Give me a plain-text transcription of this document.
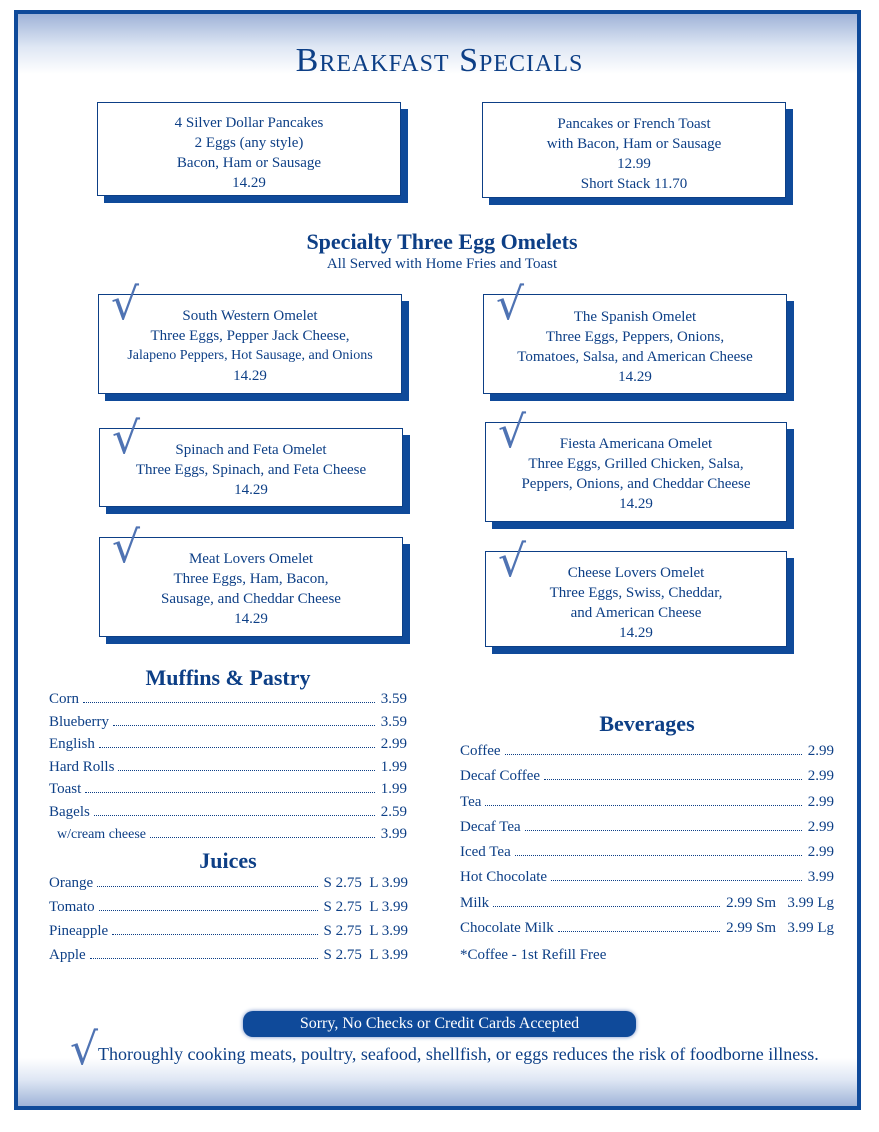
Breakfast Specials
4 Silver Dollar Pancakes
2 Eggs (any style)
Bacon, Ham or Sausage
14.29
Pancakes or French Toast
with Bacon, Ham or Sausage
12.99
Short Stack 11.70
Specialty Three Egg Omelets
All Served with Home Fries and Toast
√	South Western Omelet
Three Eggs, Pepper Jack Cheese,
Jalapeno Peppers, Hot Sausage, and Onions
14.29
√	The Spanish Omelet
Three Eggs, Peppers, Onions,
Tomatoes, Salsa, and American Cheese
14.29
√	Spinach and Feta Omelet
Three Eggs, Spinach, and Feta Cheese
14.29
√	Fiesta Americana Omelet
Three Eggs, Grilled Chicken, Salsa,
Peppers, Onions, and Cheddar Cheese
14.29
√	Meat Lovers Omelet
Three Eggs, Ham, Bacon,
Sausage, and Cheddar Cheese
14.29
√	Cheese Lovers Omelet
Three Eggs, Swiss, Cheddar,
and American Cheese
14.29
Muffins & Pastry
Corn	3.59
Blueberry	3.59
English	2.99
Hard Rolls	1.99
Toast	1.99
Bagels	2.59
w/cream cheese	3.99
Juices
Orange	S 2.75  L 3.99
Tomato	S 2.75  L 3.99
Pineapple	S 2.75  L 3.99
Apple	S 2.75  L 3.99
Beverages
Coffee	2.99
Decaf Coffee	2.99
Tea	2.99
Decaf Tea	2.99
Iced Tea	2.99
Hot Chocolate	3.99
Milk	2.99 Sm   3.99 Lg
Chocolate Milk	2.99 Sm   3.99 Lg
*Coffee - 1st Refill Free
Sorry, No Checks or Credit Cards Accepted
√Thoroughly cooking meats, poultry, seafood, shellfish, or eggs reduces the risk of foodborne illness.
